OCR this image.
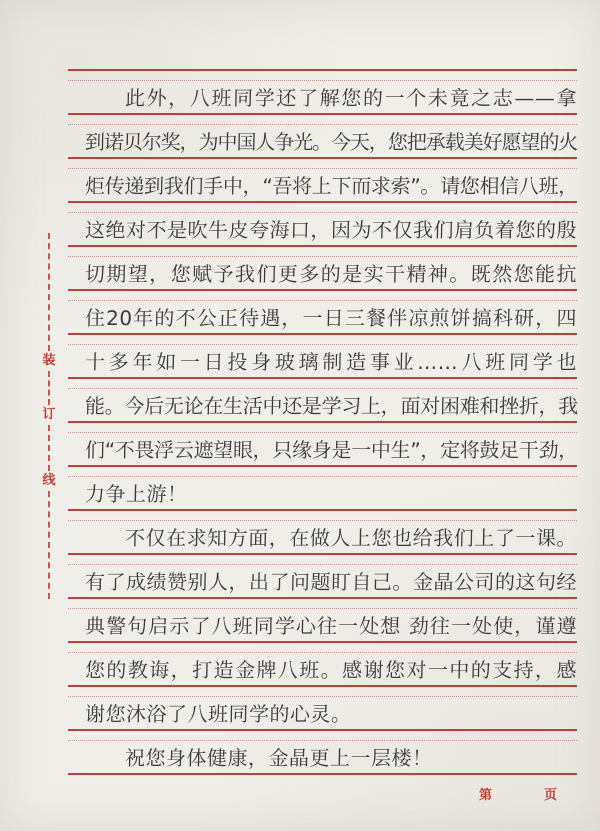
装
订
线
此外，八班同学还了解您的一个未竟之志——拿
到诺贝尔奖，为中国人争光。今天，您把承载美好愿望的火
炬传递到我们手中，“吾将上下而求索”。请您相信八班，
这绝对不是吹牛皮夸海口，因为不仅我们肩负着您的殷
切期望，您赋予我们更多的是实干精神。既然您能抗
住20年的不公正待遇，一日三餐伴凉煎饼搞科研，四
十多年如一日投身玻璃制造事业……八班同学也
能。今后无论在生活中还是学习上，面对困难和挫折，我
们“不畏浮云遮望眼，只缘身是一中生”，定将鼓足干劲，
力争上游！
不仅在求知方面，在做人上您也给我们上了一课。
有了成绩赞别人，出了问题盯自己。金晶公司的这句经
典警句启示了八班同学心往一处想 劲往一处使，谨遵
您的教诲，打造金牌八班。感谢您对一中的支持，感
谢您沐浴了八班同学的心灵。
祝您身体健康，金晶更上一层楼！
第	页
